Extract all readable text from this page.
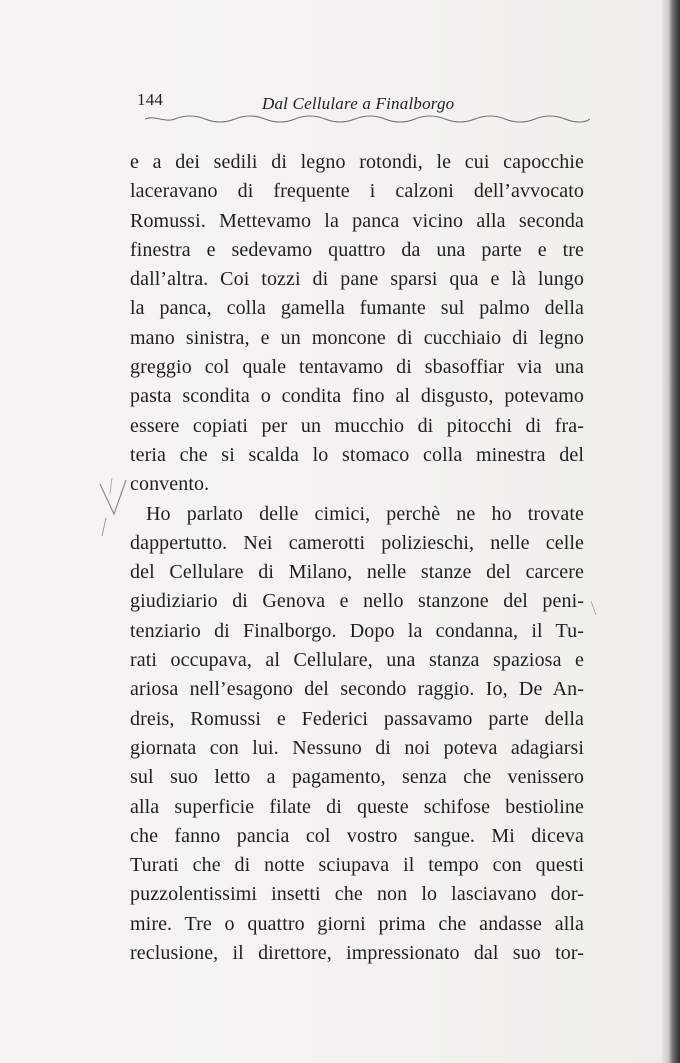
144	Dal Cellulare a Finalborgo
e a dei sedili di legno rotondi, le cui capocchie
laceravano di frequente i calzoni dell’avvocato
Romussi. Mettevamo la panca vicino alla seconda
finestra e sedevamo quattro da una parte e tre
dall’altra. Coi tozzi di pane sparsi qua e là lungo
la panca, colla gamella fumante sul palmo della
mano sinistra, e un moncone di cucchiaio di legno
greggio col quale tentavamo di sbasoffiar via una
pasta scondita o condita fino al disgusto, potevamo
essere copiati per un mucchio di pitocchi di fra-
teria che si scalda lo stomaco colla minestra del
convento.
Ho parlato delle cimici, perchè ne ho trovate
dappertutto. Nei camerotti polizieschi, nelle celle
del Cellulare di Milano, nelle stanze del carcere
giudiziario di Genova e nello stanzone del peni-
tenziario di Finalborgo. Dopo la condanna, il Tu-
rati occupava, al Cellulare, una stanza spaziosa e
ariosa nell’esagono del secondo raggio. Io, De An-
dreis, Romussi e Federici passavamo parte della
giornata con lui. Nessuno di noi poteva adagiarsi
sul suo letto a pagamento, senza che venissero
alla superficie filate di queste schifose bestioline
che fanno pancia col vostro sangue. Mi diceva
Turati che di notte sciupava il tempo con questi
puzzolentissimi insetti che non lo lasciavano dor-
mire. Tre o quattro giorni prima che andasse alla
reclusione, il direttore, impressionato dal suo tor-
